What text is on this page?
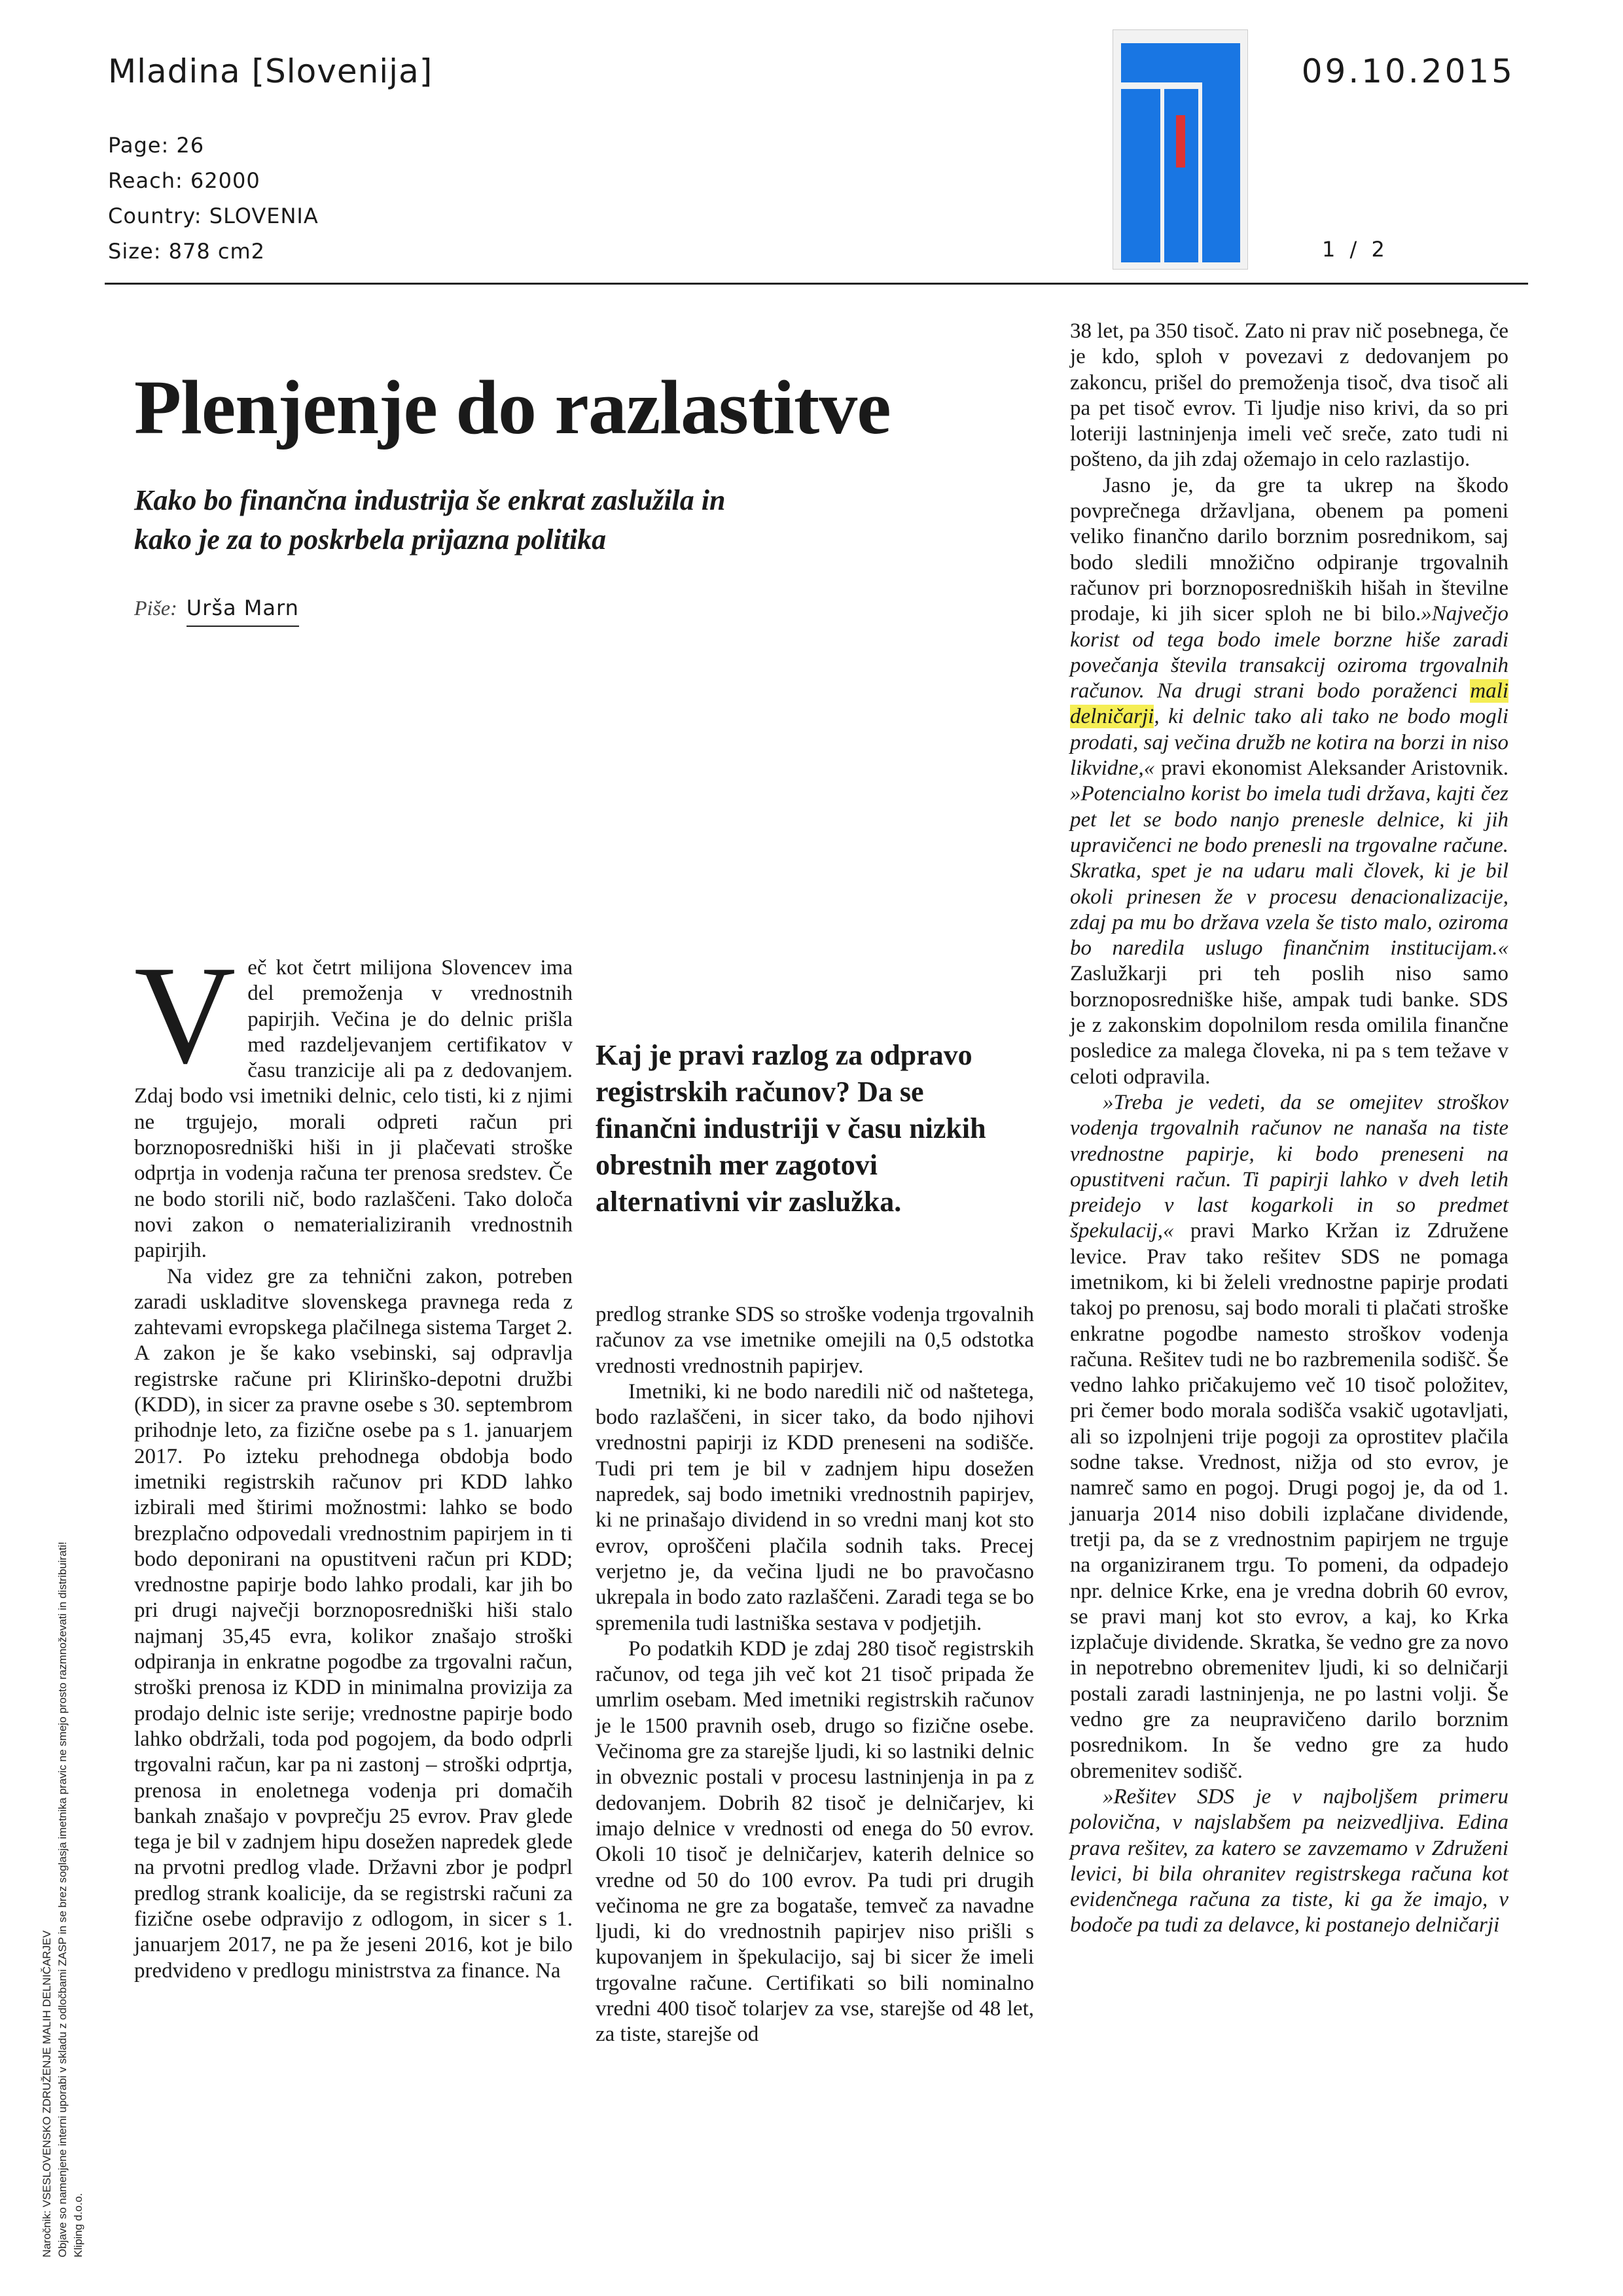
Mladina [Slovenija]	09.10.2015
Page: 26
Reach: 62000
Country: SLOVENIA
Size: 878 cm2	1 / 2
Plenjenje do razlastitve
Kako bo finančna industrija še enkrat zaslužila in kako je za to poskrbela prijazna politika
Piše: Urša Marn
V eč kot četrt milijona Slovencev ima del premoženja v vrednostnih papirjih. Večina je do delnic prišla med razdeljevanjem certifikatov v času tranzicije ali pa z dedovanjem. Zdaj bodo vsi imetniki delnic, celo tisti, ki z njimi ne trgujejo, morali odpreti račun pri borznoposredniški hiši in ji plačevati stroške odprtja in vodenja računa ter prenosa sredstev. Če ne bodo storili nič, bodo razlaščeni. Tako določa novi zakon o nematerializiranih vrednostnih papirjih.

Na videz gre za tehnični zakon, potreben zaradi uskladitve slovenskega pravnega reda z zahtevami evropskega plačilnega sistema Target 2. A zakon je še kako vsebinski, saj odpravlja registrske račune pri Klirinško-depotni družbi (KDD), in sicer za pravne osebe s 30. septembrom prihodnje leto, za fizične osebe pa s 1. januarjem 2017. Po izteku prehodnega obdobja bodo imetniki registrskih računov pri KDD lahko izbirali med štirimi možnostmi: lahko se bodo brezplačno odpovedali vrednostnim papirjem in ti bodo deponirani na opustitveni račun pri KDD; vrednostne papirje bodo lahko prodali, kar jih bo pri drugi največji borznoposredniški hiši stalo najmanj 35,45 evra, kolikor znašajo stroški odpiranja in enkratne pogodbe za trgovalni račun, stroški prenosa iz KDD in minimalna provizija za prodajo delnic iste serije; vrednostne papirje bodo lahko obdržali, toda pod pogojem, da bodo odprli trgovalni račun, kar pa ni zastonj – stroški odprtja, prenosa in enoletnega vodenja pri domačih bankah znašajo v povprečju 25 evrov. Prav glede tega je bil v zadnjem hipu dosežen napredek glede na prvotni predlog vlade. Državni zbor je podprl predlog strank koalicije, da se registrski računi za fizične osebe odpravijo z odlogom, in sicer s 1. januarjem 2017, ne pa že jeseni 2016, kot je bilo predvideno v predlogu ministrstva za finance. Na

Kaj je pravi razlog za odpravo registrskih računov? Da se finančni industriji v času nizkih obrestnih mer zagotovi alternativni vir zaslužka.

predlog stranke SDS so stroške vodenja trgovalnih računov za vse imetnike omejili na 0,5 odstotka vrednosti vrednostnih papirjev.

Imetniki, ki ne bodo naredili nič od naštetega, bodo razlaščeni, in sicer tako, da bodo njihovi vrednostni papirji iz KDD preneseni na sodišče. Tudi pri tem je bil v zadnjem hipu dosežen napredek, saj bodo imetniki vrednostnih papirjev, ki ne prinašajo dividend in so vredni manj kot sto evrov, oproščeni plačila sodnih taks. Precej verjetno je, da večina ljudi ne bo pravočasno ukrepala in bodo zato razlaščeni. Zaradi tega se bo spremenila tudi lastniška sestava v podjetjih.

Po podatkih KDD je zdaj 280 tisoč registrskih računov, od tega jih več kot 21 tisoč pripada že umrlim osebam. Med imetniki registrskih računov je le 1500 pravnih oseb, drugo so fizične osebe. Večinoma gre za starejše ljudi, ki so lastniki delnic in obveznic postali v procesu lastninjenja in pa z dedovanjem. Dobrih 82 tisoč je delničarjev, ki imajo delnice v vrednosti od enega do 50 evrov. Okoli 10 tisoč je delničarjev, katerih delnice so vredne od 50 do 100 evrov. Pa tudi pri drugih večinoma ne gre za bogataše, temveč za navadne ljudi, ki do vrednostnih papirjev niso prišli s kupovanjem in špekulacijo, saj bi sicer že imeli trgovalne račune. Certifikati so bili nominalno vredni 400 tisoč tolarjev za vse, starejše od 48 let, za tiste, starejše od

38 let, pa 350 tisoč. Zato ni prav nič posebnega, če je kdo, sploh v povezavi z dedovanjem po zakoncu, prišel do premoženja tisoč, dva tisoč ali pa pet tisoč evrov. Ti ljudje niso krivi, da so pri loteriji lastninjenja imeli več sreče, zato tudi ni pošteno, da jih zdaj ožemajo in celo razlastijo.

Jasno je, da gre ta ukrep na škodo povprečnega državljana, obenem pa pomeni veliko finančno darilo borznim posrednikom, saj bodo sledili množično odpiranje trgovalnih računov pri borznoposredniških hišah in številne prodaje, ki jih sicer sploh ne bi bilo.»Največjo korist od tega bodo imele borzne hiše zaradi povečanja števila transakcij oziroma trgovalnih računov. Na drugi strani bodo poraženci mali delničarji, ki delnic tako ali tako ne bodo mogli prodati, saj večina družb ne kotira na borzi in niso likvidne,« pravi ekonomist Aleksander Aristovnik. »Potencialno korist bo imela tudi država, kajti čez pet let se bodo nanjo prenesle delnice, ki jih upravičenci ne bodo prenesli na trgovalne račune. Skratka, spet je na udaru mali človek, ki je bil okoli prinesen že v procesu denacionalizacije, zdaj pa mu bo država vzela še tisto malo, oziroma bo naredila uslugo finančnim institucijam.« Zaslužkarji pri teh poslih niso samo borznoposredniške hiše, ampak tudi banke. SDS je z zakonskim dopolnilom resda omilila finančne posledice za malega človeka, ni pa s tem težave v celoti odpravila.

»Treba je vedeti, da se omejitev stroškov vodenja trgovalnih računov ne nanaša na tiste vrednostne papirje, ki bodo preneseni na opustitveni račun. Ti papirji lahko v dveh letih preidejo v last kogarkoli in so predmet špekulacij,« pravi Marko Kržan iz Združene levice. Prav tako rešitev SDS ne pomaga imetnikom, ki bi želeli vrednostne papirje prodati takoj po prenosu, saj bodo morali ti plačati stroške enkratne pogodbe namesto stroškov vodenja računa. Rešitev tudi ne bo razbremenila sodišč. Še vedno lahko pričakujemo več 10 tisoč položitev, pri čemer bodo morala sodišča vsakič ugotavljati, ali so izpolnjeni trije pogoji za oprostitev plačila sodne takse. Vrednost, nižja od sto evrov, je namreč samo en pogoj. Drugi pogoj je, da od 1. januarja 2014 niso dobili izplačane dividende, tretji pa, da se z vrednostnim papirjem ne trguje na organiziranem trgu. To pomeni, da odpadejo npr. delnice Krke, ena je vredna dobrih 60 evrov, se pravi manj kot sto evrov, a kaj, ko Krka izplačuje dividende. Skratka, še vedno gre za novo in nepotrebno obremenitev ljudi, ki so delničarji postali zaradi lastninjenja, ne po lastni volji. Še vedno gre za neupravičeno darilo borznim posrednikom. In še vedno gre za hudo obremenitev sodišč.

»Rešitev SDS je v najboljšem primeru polovična, v najslabšem pa neizvedljiva. Edina prava rešitev, za katero se zavzemamo v Združeni levici, bi bila ohranitev registrskega računa kot evidenčnega računa za tiste, ki ga že imajo, v bodoče pa tudi za delavce, ki postanejo delničarji

Naročnik: VSESLOVENSKO ZDRUŽENJE MALIH DELNIČARJEV Objave so namenjene interni uporabi v skladu z odločbami ZASP in se brez soglasja imetnika pravic ne smejo prosto razmnoževati in distribuirati! Kliping d.o.o.
